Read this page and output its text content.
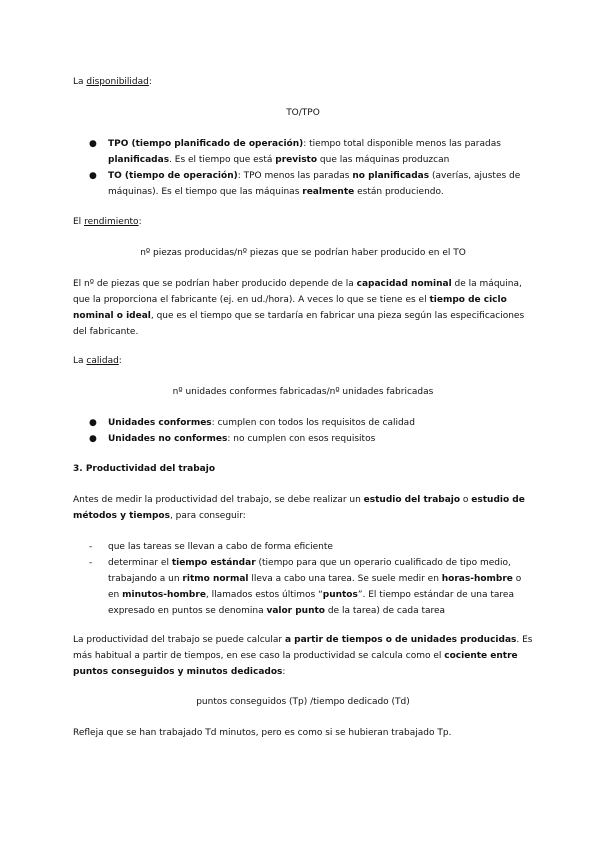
La disponibilidad:

TO/TPO

● TPO (tiempo planificado de operación): tiempo total disponible menos las paradas planificadas. Es el tiempo que está previsto que las máquinas produzcan

● TO (tiempo de operación): TPO menos las paradas no planificadas (averías, ajustes de máquinas). Es el tiempo que las máquinas realmente están produciendo.

El rendimiento:

nº piezas producidas/nº piezas que se podrían haber producido en el TO

El nº de piezas que se podrían haber producido depende de la capacidad nominal de la máquina, que la proporciona el fabricante (ej. en ud./hora). A veces lo que se tiene es el tiempo de ciclo nominal o ideal, que es el tiempo que se tardaría en fabricar una pieza según las especificaciones del fabricante.

La calidad:

nº unidades conformes fabricadas/nº unidades fabricadas

● Unidades conformes: cumplen con todos los requisitos de calidad

● Unidades no conformes: no cumplen con esos requisitos

3. Productividad del trabajo

Antes de medir la productividad del trabajo, se debe realizar un estudio del trabajo o estudio de métodos y tiempos, para conseguir:

- que las tareas se llevan a cabo de forma eficiente

- determinar el tiempo estándar (tiempo para que un operario cualificado de tipo medio, trabajando a un ritmo normal lleva a cabo una tarea. Se suele medir en horas-hombre o en minutos-hombre, llamados estos últimos “puntos”. El tiempo estándar de una tarea expresado en puntos se denomina valor punto de la tarea) de cada tarea

La productividad del trabajo se puede calcular a partir de tiempos o de unidades producidas. Es más habitual a partir de tiempos, en ese caso la productividad se calcula como el cociente entre puntos conseguidos y minutos dedicados:

puntos conseguidos (Tp) /tiempo dedicado (Td)

Refleja que se han trabajado Td minutos, pero es como si se hubieran trabajado Tp.
